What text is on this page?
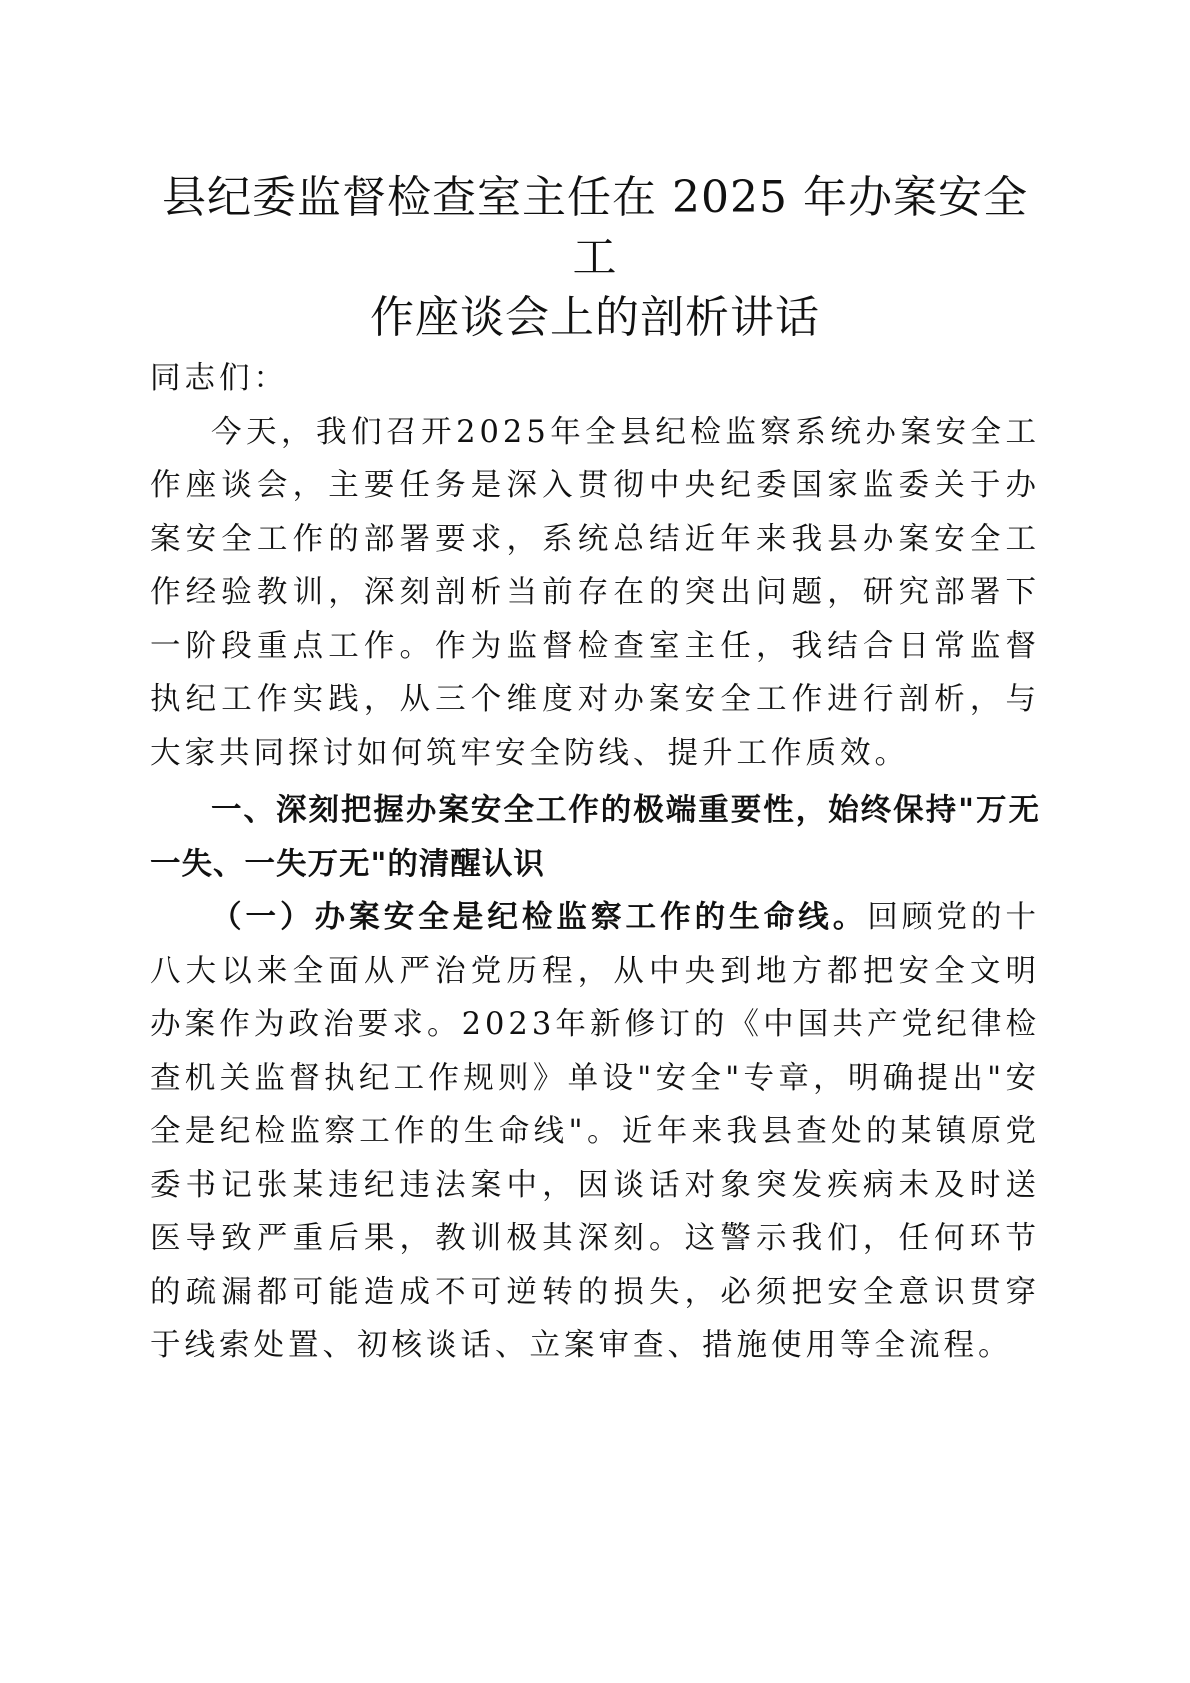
县纪委监督检查室主任在 2025 年办案安全工
作座谈会上的剖析讲话

同志们：

今天，我们召开2025年全县纪检监察系统办案安全工作座谈会，主要任务是深入贯彻中央纪委国家监委关于办案安全工作的部署要求，系统总结近年来我县办案安全工作经验教训，深刻剖析当前存在的突出问题，研究部署下一阶段重点工作。作为监督检查室主任，我结合日常监督执纪工作实践，从三个维度对办案安全工作进行剖析，与大家共同探讨如何筑牢安全防线、提升工作质效。

一、深刻把握办案安全工作的极端重要性，始终保持"万无一失、一失万无"的清醒认识

（一）办案安全是纪检监察工作的生命线。回顾党的十八大以来全面从严治党历程，从中央到地方都把安全文明办案作为政治要求。2023年新修订的《中国共产党纪律检查机关监督执纪工作规则》单设"安全"专章，明确提出"安全是纪检监察工作的生命线"。近年来我县查处的某镇原党委书记张某违纪违法案中，因谈话对象突发疾病未及时送医导致严重后果，教训极其深刻。这警示我们，任何环节的疏漏都可能造成不可逆转的损失，必须把安全意识贯穿于线索处置、初核谈话、立案审查、措施使用等全流程。
